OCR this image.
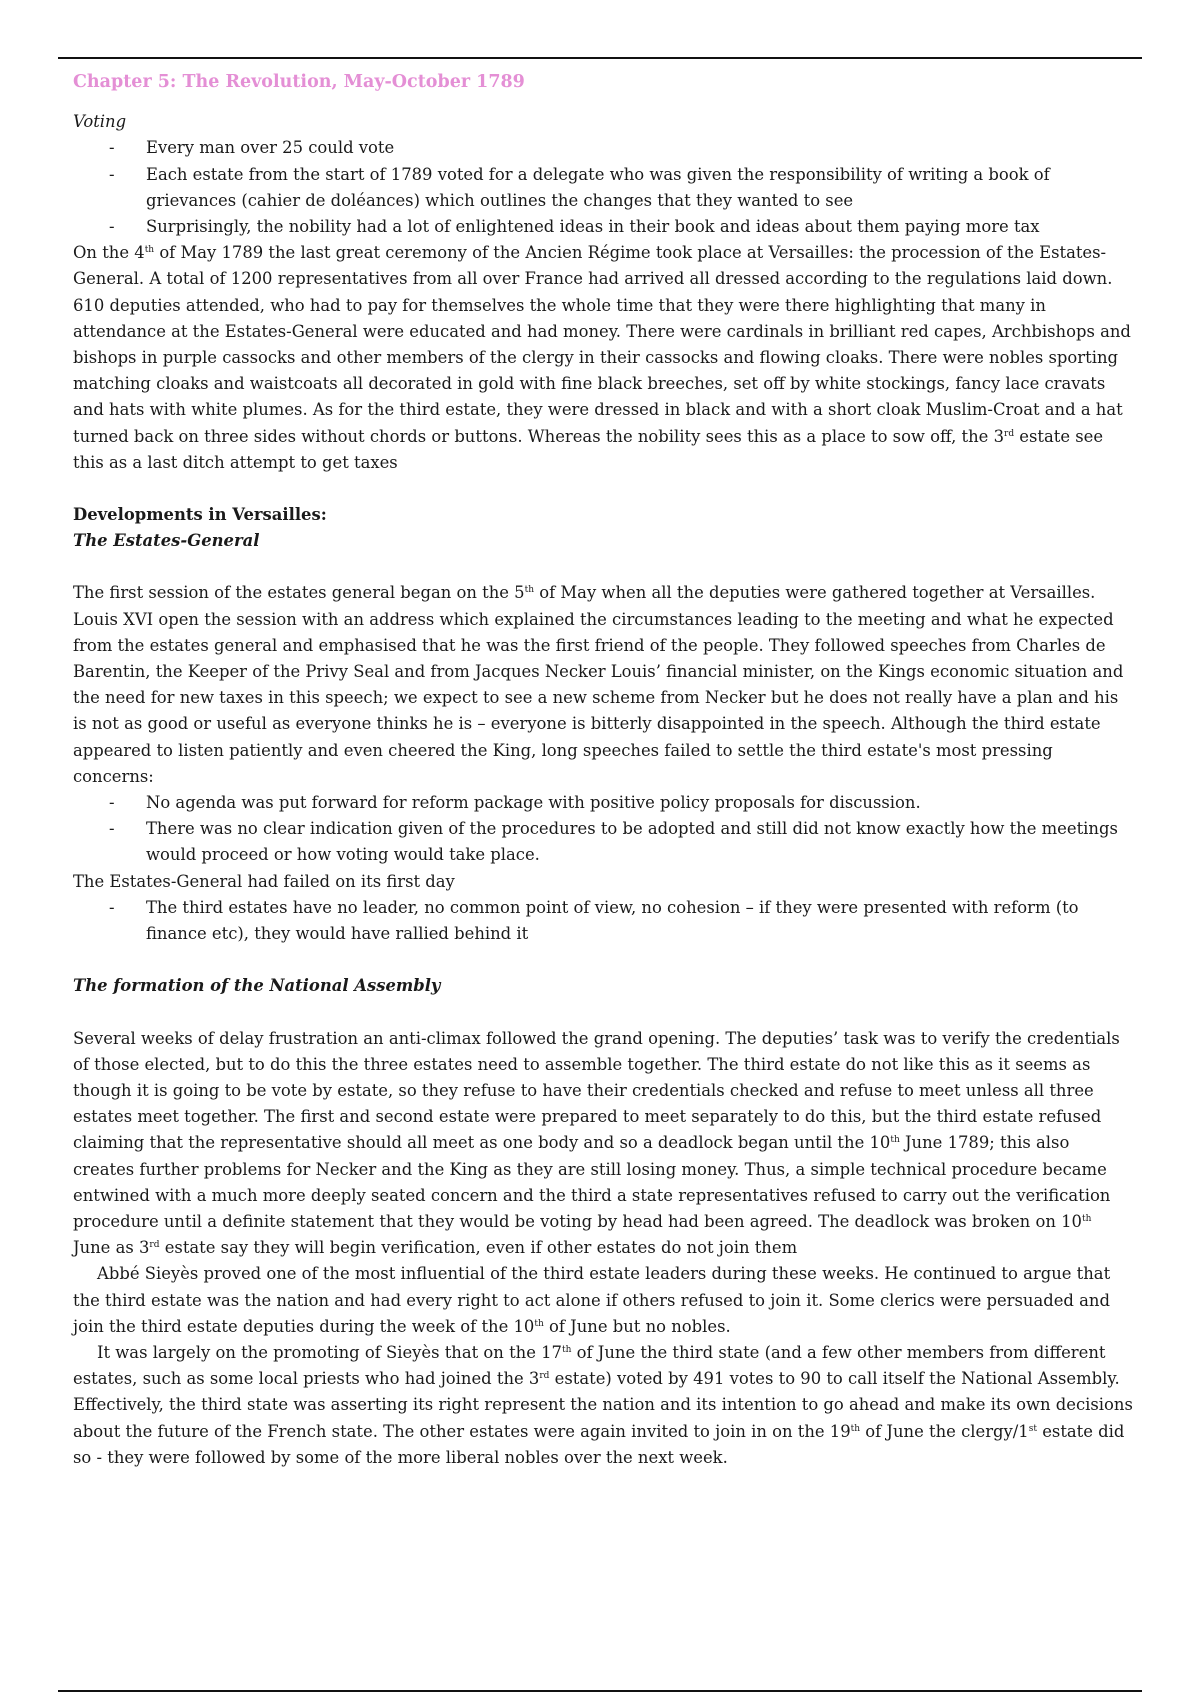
Chapter 5: The Revolution, May-October 1789

Voting

- Every man over 25 could vote
- Each estate from the start of 1789 voted for a delegate who was given the responsibility of writing a book of grievances (cahier de doléances) which outlines the changes that they wanted to see
- Surprisingly, the nobility had a lot of enlightened ideas in their book and ideas about them paying more tax

On the 4th of May 1789 the last great ceremony of the Ancien Régime took place at Versailles: the procession of the Estates-General. A total of 1200 representatives from all over France had arrived all dressed according to the regulations laid down. 610 deputies attended, who had to pay for themselves the whole time that they were there highlighting that many in attendance at the Estates-General were educated and had money. There were cardinals in brilliant red capes, Archbishops and bishops in purple cassocks and other members of the clergy in their cassocks and flowing cloaks. There were nobles sporting matching cloaks and waistcoats all decorated in gold with fine black breeches, set off by white stockings, fancy lace cravats and hats with white plumes. As for the third estate, they were dressed in black and with a short cloak Muslim-Croat and a hat turned back on three sides without chords or buttons. Whereas the nobility sees this as a place to sow off, the 3rd estate see this as a last ditch attempt to get taxes

Developments in Versailles:

The Estates-General

The first session of the estates general began on the 5th of May when all the deputies were gathered together at Versailles. Louis XVI open the session with an address which explained the circumstances leading to the meeting and what he expected from the estates general and emphasised that he was the first friend of the people. They followed speeches from Charles de Barentin, the Keeper of the Privy Seal and from Jacques Necker Louis’ financial minister, on the Kings economic situation and the need for new taxes in this speech; we expect to see a new scheme from Necker but he does not really have a plan and his is not as good or useful as everyone thinks he is – everyone is bitterly disappointed in the speech. Although the third estate appeared to listen patiently and even cheered the King, long speeches failed to settle the third estate's most pressing concerns:

- No agenda was put forward for reform package with positive policy proposals for discussion.
- There was no clear indication given of the procedures to be adopted and still did not know exactly how the meetings would proceed or how voting would take place.

The Estates-General had failed on its first day

- The third estates have no leader, no common point of view, no cohesion – if they were presented with reform (to finance etc), they would have rallied behind it

The formation of the National Assembly

Several weeks of delay frustration an anti-climax followed the grand opening. The deputies’ task was to verify the credentials of those elected, but to do this the three estates need to assemble together. The third estate do not like this as it seems as though it is going to be vote by estate, so they refuse to have their credentials checked and refuse to meet unless all three estates meet together. The first and second estate were prepared to meet separately to do this, but the third estate refused claiming that the representative should all meet as one body and so a deadlock began until the 10th June 1789; this also creates further problems for Necker and the King as they are still losing money. Thus, a simple technical procedure became entwined with a much more deeply seated concern and the third a state representatives refused to carry out the verification procedure until a definite statement that they would be voting by head had been agreed. The deadlock was broken on 10th June as 3rd estate say they will begin verification, even if other estates do not join them

Abbé Sieyès proved one of the most influential of the third estate leaders during these weeks. He continued to argue that the third estate was the nation and had every right to act alone if others refused to join it. Some clerics were persuaded and join the third estate deputies during the week of the 10th of June but no nobles.

It was largely on the promoting of Sieyès that on the 17th of June the third state (and a few other members from different estates, such as some local priests who had joined the 3rd estate) voted by 491 votes to 90 to call itself the National Assembly. Effectively, the third state was asserting its right represent the nation and its intention to go ahead and make its own decisions about the future of the French state. The other estates were again invited to join in on the 19th of June the clergy/1st estate did so - they were followed by some of the more liberal nobles over the next week.
